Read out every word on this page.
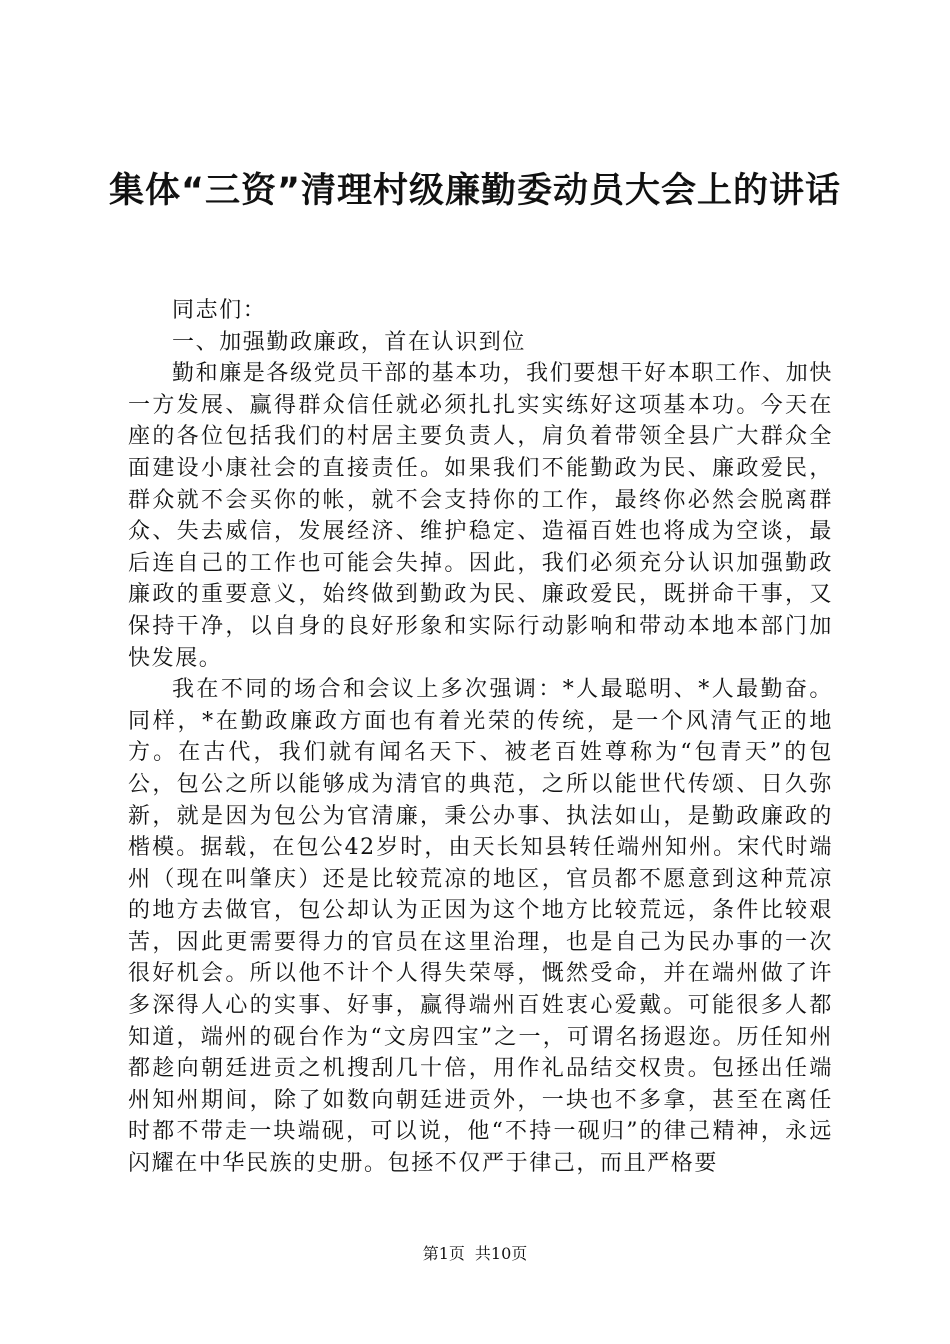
集体“三资”清理村级廉勤委动员大会上的讲话

同志们：

一、加强勤政廉政，首在认识到位

勤和廉是各级党员干部的基本功，我们要想干好本职工作、加快一方发展、赢得群众信任就必须扎扎实实练好这项基本功。今天在座的各位包括我们的村居主要负责人，肩负着带领全县广大群众全面建设小康社会的直接责任。如果我们不能勤政为民、廉政爱民，群众就不会买你的帐，就不会支持你的工作，最终你必然会脱离群众、失去威信，发展经济、维护稳定、造福百姓也将成为空谈，最后连自己的工作也可能会失掉。因此，我们必须充分认识加强勤政廉政的重要意义，始终做到勤政为民、廉政爱民，既拼命干事，又保持干净，以自身的良好形象和实际行动影响和带动本地本部门加快发展。

我在不同的场合和会议上多次强调：*人最聪明、*人最勤奋。同样，*在勤政廉政方面也有着光荣的传统，是一个风清气正的地方。在古代，我们就有闻名天下、被老百姓尊称为“包青天”的包公，包公之所以能够成为清官的典范，之所以能世代传颂、日久弥新，就是因为包公为官清廉，秉公办事、执法如山，是勤政廉政的楷模。据载，在包公42岁时，由天长知县转任端州知州。宋代时端州（现在叫肇庆）还是比较荒凉的地区，官员都不愿意到这种荒凉的地方去做官，包公却认为正因为这个地方比较荒远，条件比较艰苦，因此更需要得力的官员在这里治理，也是自己为民办事的一次很好机会。所以他不计个人得失荣辱，慨然受命，并在端州做了许多深得人心的实事、好事，赢得端州百姓衷心爱戴。可能很多人都知道，端州的砚台作为“文房四宝”之一，可谓名扬遐迩。历任知州都趁向朝廷进贡之机搜刮几十倍，用作礼品结交权贵。包拯出任端州知州期间，除了如数向朝廷进贡外，一块也不多拿，甚至在离任时都不带走一块端砚，可以说，他“不持一砚归”的律己精神，永远闪耀在中华民族的史册。包拯不仅严于律己，而且严格要

第1页 共10页
